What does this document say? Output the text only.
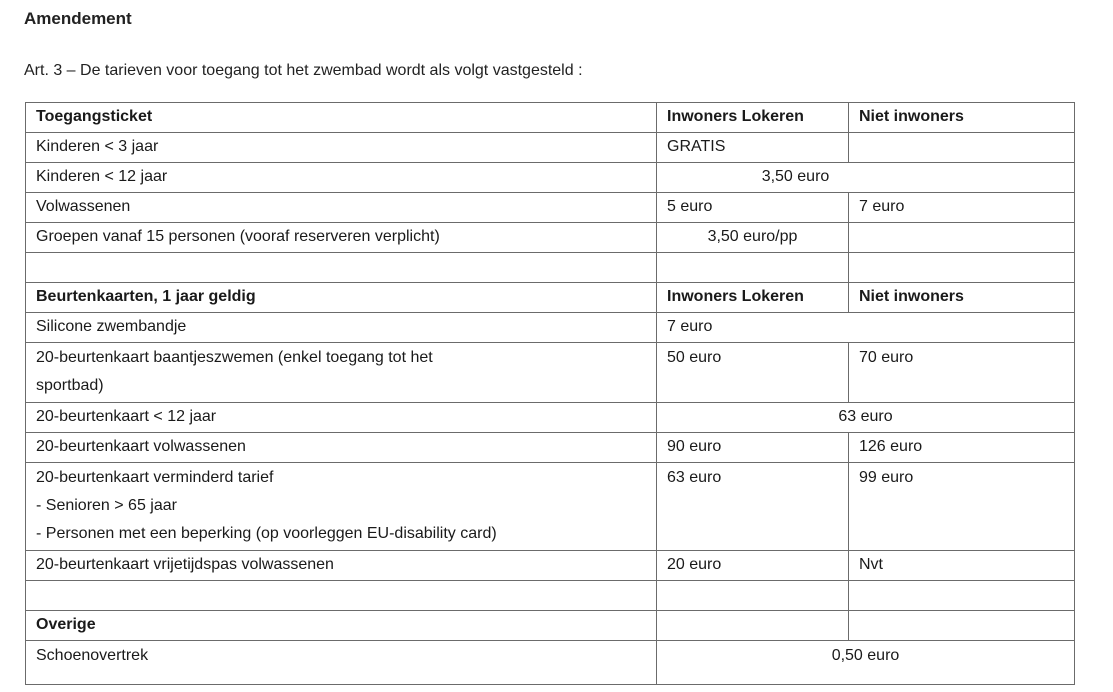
Amendement
Art. 3 – De tarieven voor toegang tot het zwembad wordt als volgt vastgesteld :
Toegangsticket	Inwoners Lokeren	Niet inwoners
Kinderen < 3 jaar	GRATIS	
Kinderen < 12 jaar	3,50 euro	
Volwassenen	5 euro	7 euro
Groepen vanaf 15 personen (vooraf reserveren verplicht)	3,50 euro/pp	

Beurtenkaarten, 1 jaar geldig	Inwoners Lokeren	Niet inwoners
Silicone zwembandje	7 euro	

20-beurtenkaart baantjeszwemen (enkel toegang tot het
sportbad)	50 euro	70 euro
20-beurtenkaart < 12 jaar	63 euro	
20-beurtenkaart volwassenen	90 euro	126 euro

20-beurtenkaart verminderd tarief
- Senioren > 65 jaar
- Personen met een beperking (op voorleggen EU-disability card)	63 euro	99 euro
20-beurtenkaart vrijetijdspas volwassenen	20 euro	Nvt

Overige		
Schoenovertrek	0,50 euro	
